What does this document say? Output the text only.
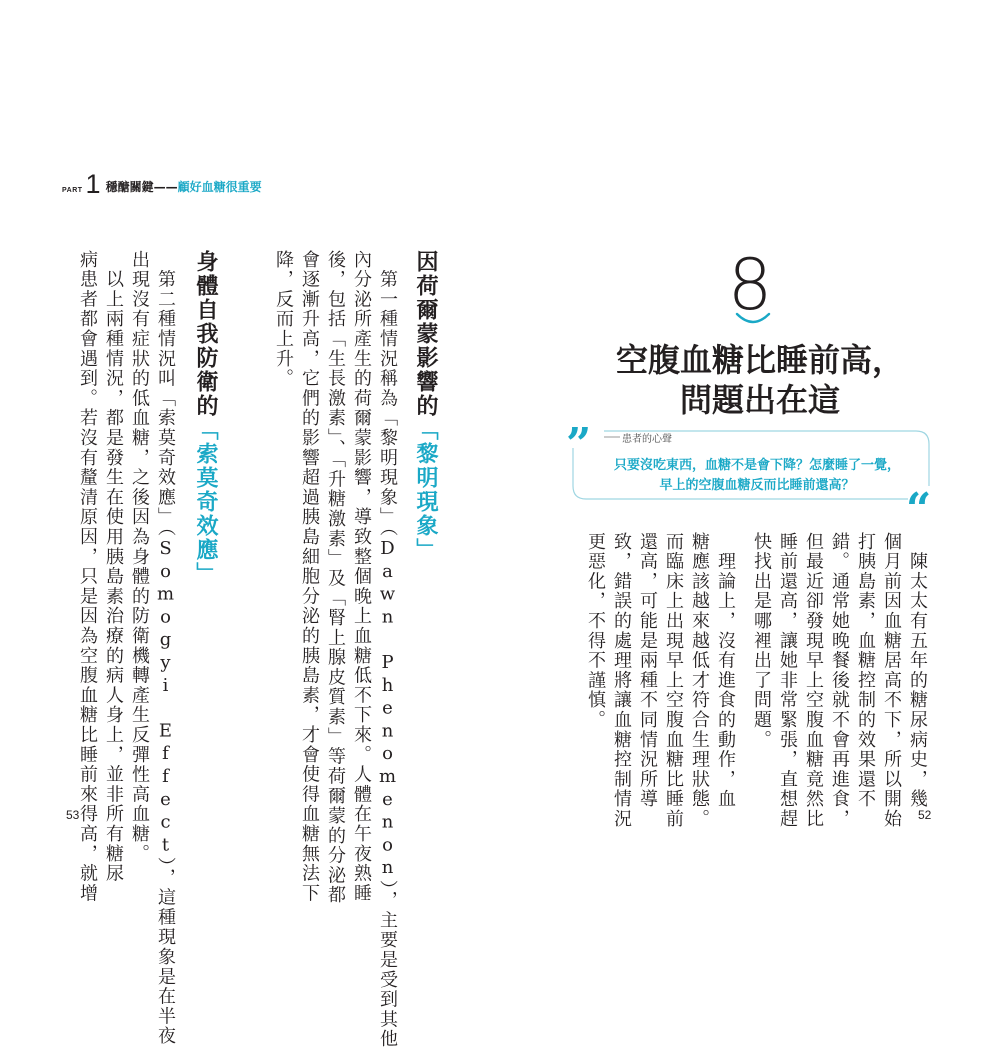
PART 1 穩醣關鍵——顧好血糖很重要
因荷爾蒙影響的「黎明現象」
　第一種情況稱為「黎明現象」（Dawn Phenomenon），主要是受到其他
內分泌所產生的荷爾蒙影響，導致整個晚上血糖低不下來。人體在午夜熟睡
後，包括「生長激素」、「升糖激素」及「腎上腺皮質素」等荷爾蒙的分泌都
會逐漸升高，它們的影響超過胰島細胞分泌的胰島素，才會使得血糖無法下
降，反而上升。
身體自我防衛的「索莫奇效應」
　第二種情況叫「索莫奇效應」（Somogyi Effect），這種現象是在半夜
出現沒有症狀的低血糖，之後因為身體的防衛機轉產生反彈性高血糖。
　以上兩種情況，都是發生在使用胰島素治療的病人身上，並非所有糖尿
病患者都會遇到。若沒有釐清原因，只是因為空腹血糖比睡前來得高，就增
53
8
空腹血糖比睡前高，
問題出在這
”
“
患者的心聲
只要沒吃東西，血糖不是會下降？怎麼睡了一覺，
早上的空腹血糖反而比睡前還高？
　陳太太有五年的糖尿病史，幾
個月前因血糖居高不下，所以開始
打胰島素，血糖控制的效果還不
錯。通常她晚餐後就不會再進食，
但最近卻發現早上空腹血糖竟然比
睡前還高，讓她非常緊張，直想趕
快找出是哪裡出了問題。
　理論上，沒有進食的動作，血
糖應該越來越低才符合生理狀態。
而臨床上出現早上空腹血糖比睡前
還高，可能是兩種不同情況所導
致，錯誤的處理將讓血糖控制情況
更惡化，不得不謹慎。
52
